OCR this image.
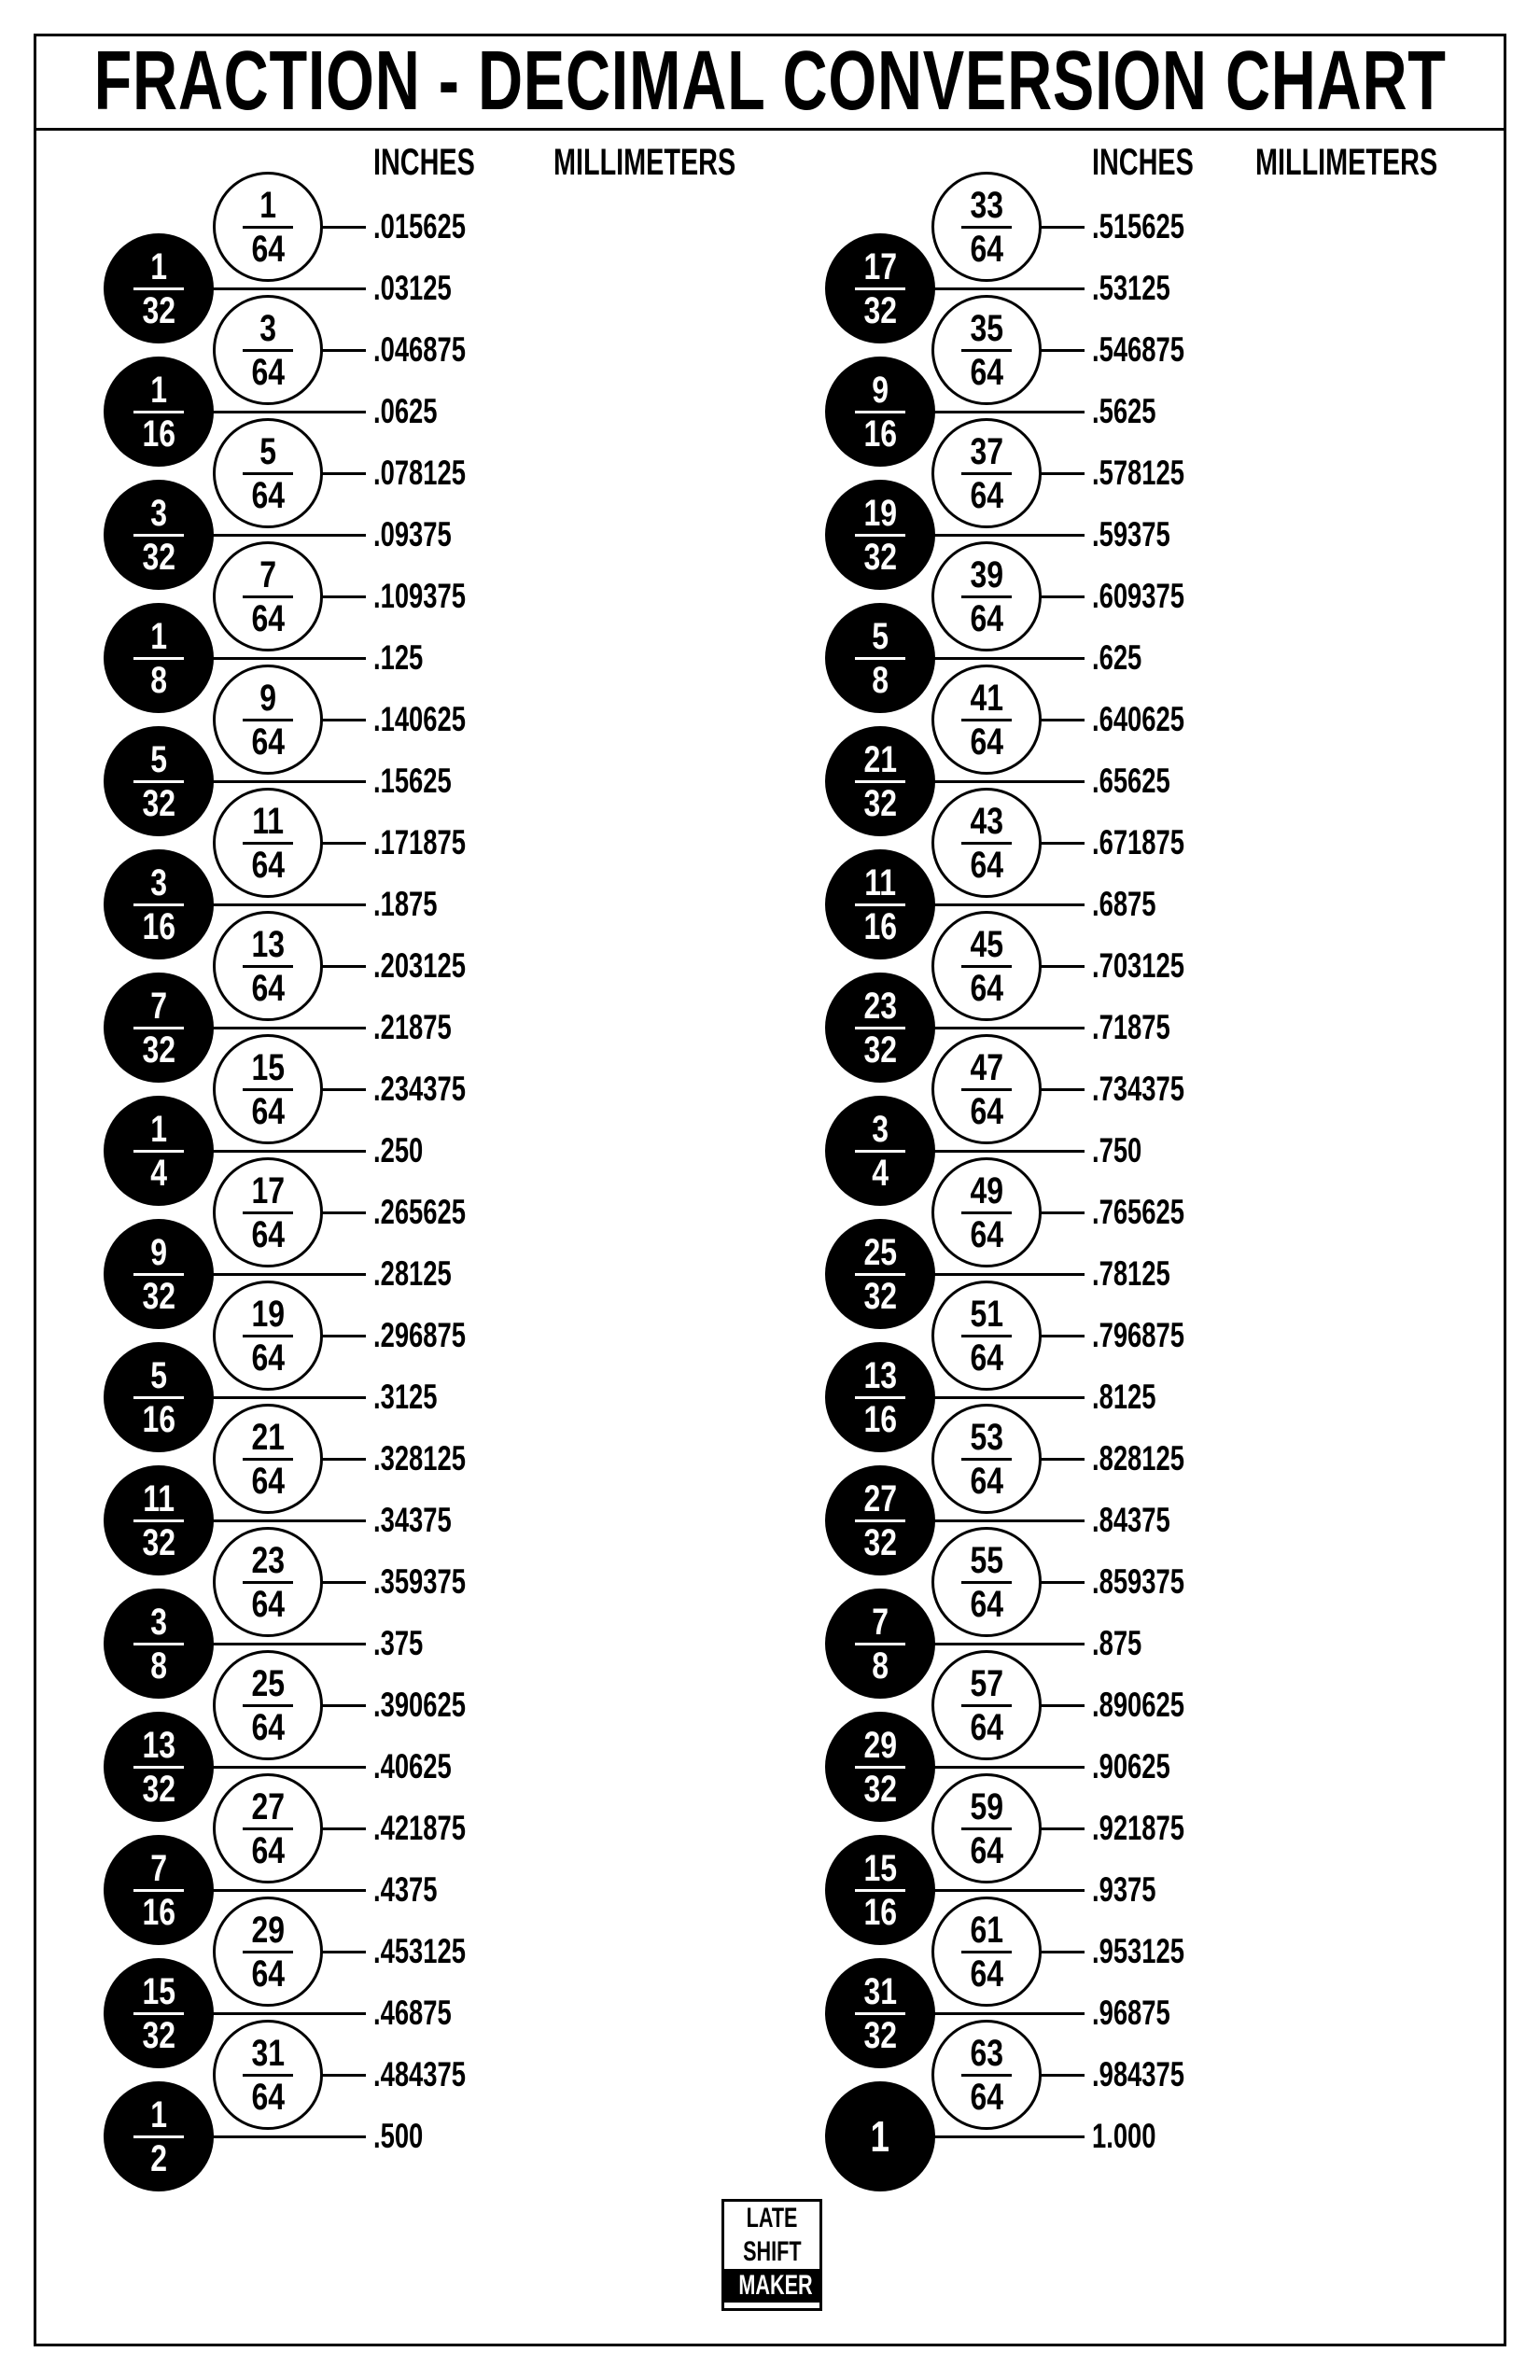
FRACTION - DECIMAL CONVERSION CHART
INCHES MILLIMETERS	INCHES MILLIMETERS
1
64
.015625
1
32
.03125
3
64
.046875
1
16
.0625
5
64
.078125
3
32
.09375
7
64
.109375
1
8
.125
9
64
.140625
5
32
.15625
11
64
.171875
3
16
.1875
13
64
.203125
7
32
.21875
15
64
.234375
1
4
.250
17
64
.265625
9
32
.28125
19
64
.296875
5
16
.3125
21
64
.328125
11
32
.34375
23
64
.359375
3
8
.375
25
64
.390625
13
32
.40625
27
64
.421875
7
16
.4375
29
64
.453125
15
32
.46875
31
64
.484375
1
2
.500
33
64
.515625
17
32
.53125
35
64
.546875
9
16
.5625
37
64
.578125
19
32
.59375
39
64
.609375
5
8
.625
41
64
.640625
21
32
.65625
43
64
.671875
11
16
.6875
45
64
.703125
23
32
.71875
47
64
.734375
3
4
.750
49
64
.765625
25
32
.78125
51
64
.796875
13
16
.8125
53
64
.828125
27
32
.84375
55
64
.859375
7
8
.875
57
64
.890625
29
32
.90625
59
64
.921875
15
16
.9375
61
64
.953125
31
32
.96875
63
64
.984375
1	1.000
LATE
SHIFT
MAKER
